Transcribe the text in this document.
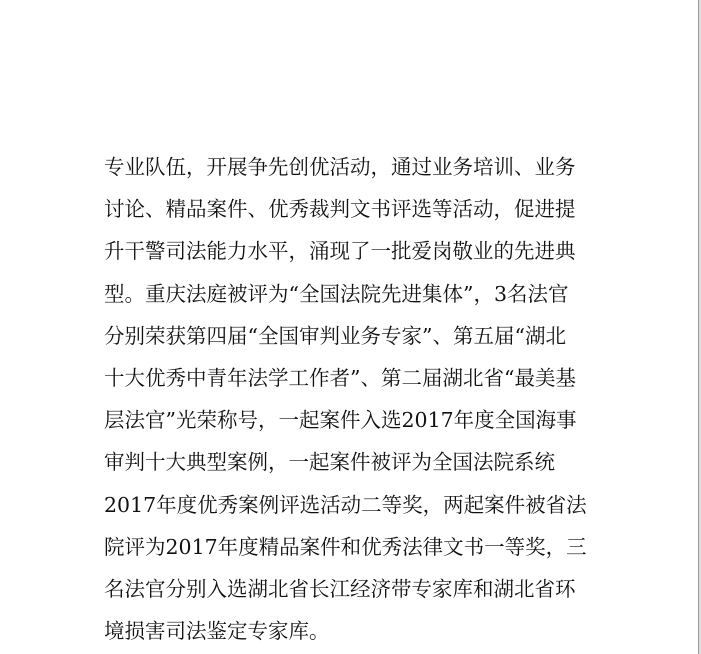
专业队伍，开展争先创优活动，通过业务培训、业务
讨论、精品案件、优秀裁判文书评选等活动，促进提
升干警司法能力水平，涌现了一批爱岗敬业的先进典
型。重庆法庭被评为“全国法院先进集体”，3名法官
分别荣获第四届“全国审判业务专家”、第五届“湖北
十大优秀中青年法学工作者”、第二届湖北省“最美基
层法官”光荣称号，一起案件入选2017年度全国海事
审判十大典型案例，一起案件被评为全国法院系统
2017年度优秀案例评选活动二等奖，两起案件被省法
院评为2017年度精品案件和优秀法律文书一等奖，三
名法官分别入选湖北省长江经济带专家库和湖北省环
境损害司法鉴定专家库。
